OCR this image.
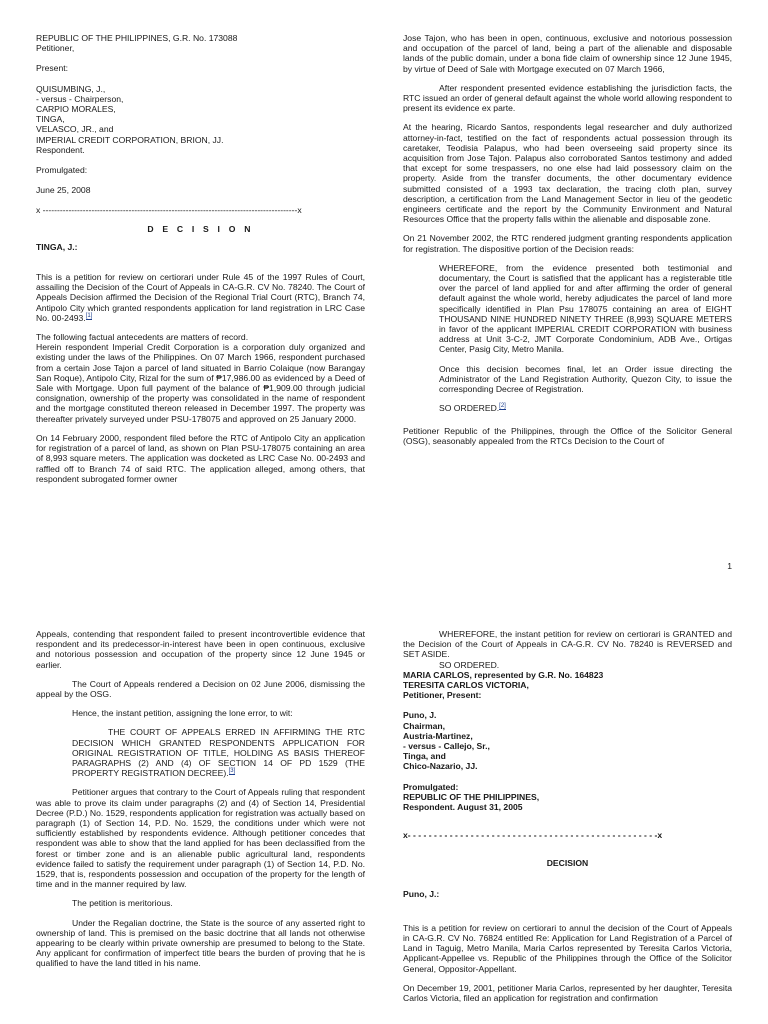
REPUBLIC OF THE PHILIPPINES, G.R. No. 173088
Petitioner,
Present:
QUISUMBING, J.,
- versus - Chairperson,
CARPIO MORALES,
TINGA,
VELASCO, JR., and
IMPERIAL CREDIT CORPORATION, BRION, JJ.
Respondent.
Promulgated:
June 25, 2008
x -----------------------------------------------------------------------------------------x
D E C I S I O N
TINGA, J.:

This is a petition for review on certiorari under Rule 45 of the 1997 Rules of Court, assailing the Decision of the Court of Appeals in CA-G.R. CV No. 78240. The Court of Appeals Decision affirmed the Decision of the Regional Trial Court (RTC), Branch 74, Antipolo City which granted respondents application for land registration in LRC Case No. 00-2493.[1]

The following factual antecedents are matters of record.

Herein respondent Imperial Credit Corporation is a corporation duly organized and existing under the laws of the Philippines. On 07 March 1966, respondent purchased from a certain Jose Tajon a parcel of land situated in Barrio Colaique (now Barangay San Roque), Antipolo City, Rizal for the sum of ₱17,986.00 as evidenced by a Deed of Sale with Mortgage. Upon full payment of the balance of ₱1,909.00 through judicial consignation, ownership of the property was consolidated in the name of respondent and the mortgage constituted thereon released in December 1997. The property was thereafter privately surveyed under PSU-178075 and approved on 25 January 2000.

On 14 February 2000, respondent filed before the RTC of Antipolo City an application for registration of a parcel of land, as shown on Plan PSU-178075 containing an area of 8,993 square meters. The application was docketed as LRC Case No. 00-2493 and raffled off to Branch 74 of said RTC. The application alleged, among others, that respondent subrogated former owner

Jose Tajon, who has been in open, continuous, exclusive and notorious possession and occupation of the parcel of land, being a part of the alienable and disposable lands of the public domain, under a bona fide claim of ownership since 12 June 1945, by virtue of Deed of Sale with Mortgage executed on 07 March 1966,

After respondent presented evidence establishing the jurisdiction facts, the RTC issued an order of general default against the whole world allowing respondent to present its evidence ex parte.

At the hearing, Ricardo Santos, respondents legal researcher and duly authorized attorney-in-fact, testified on the fact of respondents actual possession through its caretaker, Teodisia Palapus, who had been overseeing said property since its acquisition from Jose Tajon. Palapus also corroborated Santos testimony and added that except for some trespassers, no one else had laid possessory claim on the property. Aside from the transfer documents, the other documentary evidence submitted consisted of a 1993 tax declaration, the tracing cloth plan, survey description, a certification from the Land Management Sector in lieu of the geodetic engineers certificate and the report by the Community Environment and Natural Resources Office that the property falls within the alienable and disposable zone.

On 21 November 2002, the RTC rendered judgment granting respondents application for registration. The dispositive portion of the Decision reads:

WHEREFORE, from the evidence presented both testimonial and documentary, the Court is satisfied that the applicant has a registerable title over the parcel of land applied for and after affirming the order of general default against the whole world, hereby adjudicates the parcel of land more specifically identified in Plan Psu 178075 containing an area of EIGHT THOUSAND NINE HUNDRED NINETY THREE (8,993) SQUARE METERS in favor of the applicant IMPERIAL CREDIT CORPORATION with business address at Unit 3-C-2, JMT Corporate Condominium, ADB Ave., Ortigas Center, Pasig City, Metro Manila.

Once this decision becomes final, let an Order issue directing the Administrator of the Land Registration Authority, Quezon City, to issue the corresponding Decree of Registration.

SO ORDERED.[2]

Petitioner Republic of the Philippines, through the Office of the Solicitor General (OSG), seasonably appealed from the RTCs Decision to the Court of

1

Appeals, contending that respondent failed to present incontrovertible evidence that respondent and its predecessor-in-interest have been in open continuous, exclusive and notorious possession and occupation of the property since 12 June 1945 or earlier.

The Court of Appeals rendered a Decision on 02 June 2006, dismissing the appeal by the OSG.

Hence, the instant petition, assigning the lone error, to wit:

THE COURT OF APPEALS ERRED IN AFFIRMING THE RTC DECISION WHICH GRANTED RESPONDENTS APPLICATION FOR ORIGINAL REGISTRATION OF TITLE, HOLDING AS BASIS THEREOF PARAGRAPHS (2) AND (4) OF SECTION 14 OF PD 1529 (THE PROPERTY REGISTRATION DECREE).[3]

Petitioner argues that contrary to the Court of Appeals ruling that respondent was able to prove its claim under paragraphs (2) and (4) of Section 14, Presidential Decree (P.D.) No. 1529, respondents application for registration was actually based on paragraph (1) of Section 14, P.D. No. 1529, the conditions under which were not sufficiently established by respondents evidence. Although petitioner concedes that respondent was able to show that the land applied for has been declassified from the forest or timber zone and is an alienable public agricultural land, respondents evidence failed to satisfy the requirement under paragraph (1) of Section 14, P.D. No. 1529, that is, respondents possession and occupation of the property for the length of time and in the manner required by law.

The petition is meritorious.

Under the Regalian doctrine, the State is the source of any asserted right to ownership of land. This is premised on the basic doctrine that all lands not otherwise appearing to be clearly within private ownership are presumed to belong to the State. Any applicant for confirmation of imperfect title bears the burden of proving that he is qualified to have the land titled in his name.

WHEREFORE, the instant petition for review on certiorari is GRANTED and the Decision of the Court of Appeals in CA-G.R. CV No. 78240 is REVERSED and SET ASIDE.
SO ORDERED.
MARIA CARLOS, represented by G.R. No. 164823
TERESITA CARLOS VICTORIA,
Petitioner, Present:
Puno, J.
Chairman,
Austria-Martinez,
- versus - Callejo, Sr.,
Tinga, and
Chico-Nazario, JJ.
Promulgated:
REPUBLIC OF THE PHILIPPINES,
Respondent. August 31, 2005
x- - - - - - - - - - - - - - - - - - - - - - - - - - - - - - - - - - - - - - - - - - - - - - - -x
DECISION
Puno, J.:

This is a petition for review on certiorari to annul the decision of the Court of Appeals in CA-G.R. CV No. 76824 entitled Re: Application for Land Registration of a Parcel of Land in Taguig, Metro Manila, Maria Carlos represented by Teresita Carlos Victoria, Applicant-Appellee vs. Republic of the Philippines through the Office of the Solicitor General, Oppositor-Appellant.

On December 19, 2001, petitioner Maria Carlos, represented by her daughter, Teresita Carlos Victoria, filed an application for registration and confirmation
